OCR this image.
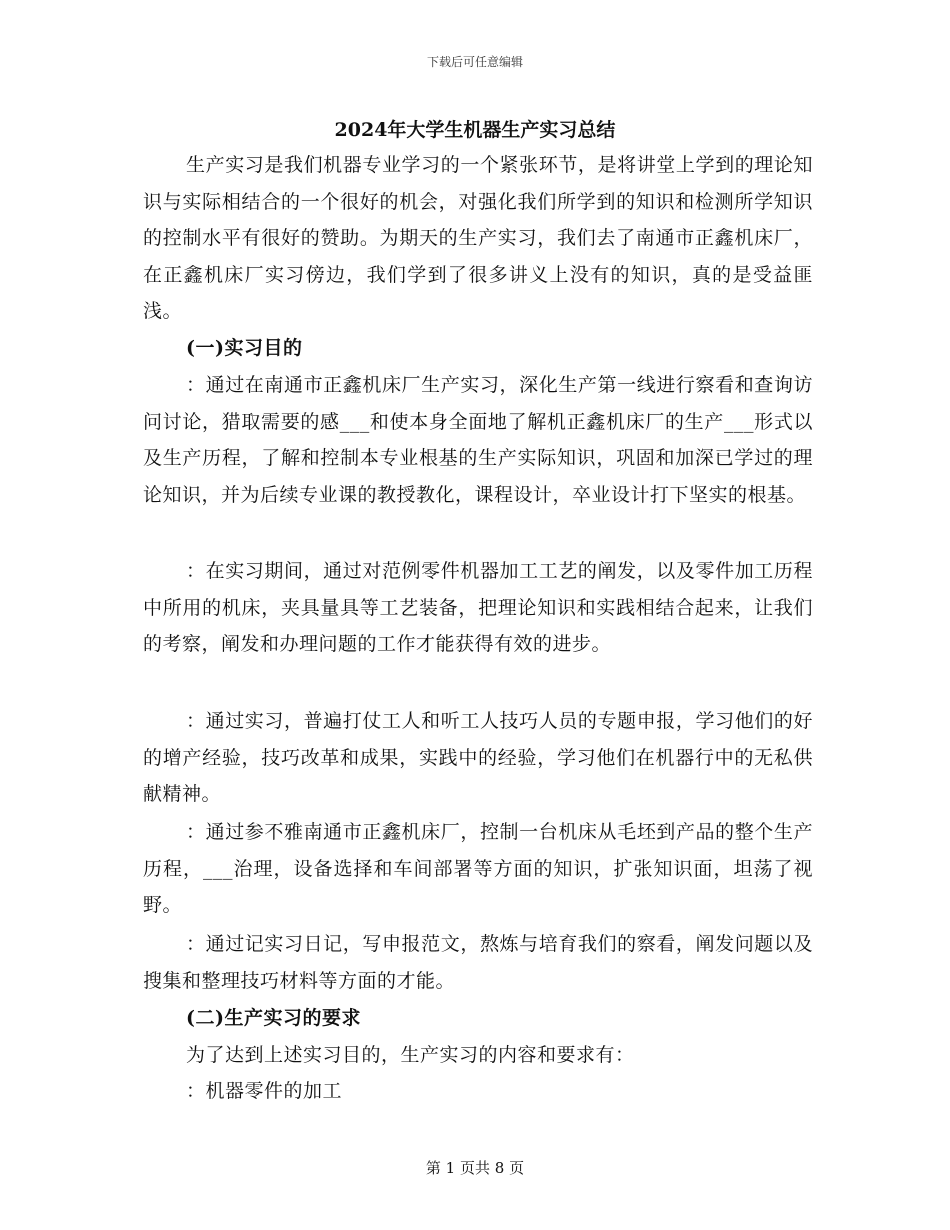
下载后可任意编辑
2024年大学生机器生产实习总结

生产实习是我们机器专业学习的一个紧张环节，是将讲堂上学到的理论知识与实际相结合的一个很好的机会，对强化我们所学到的知识和检测所学知识的控制水平有很好的赞助。为期天的生产实习，我们去了南通市正鑫机床厂，在正鑫机床厂实习傍边，我们学到了很多讲义上没有的知识，真的是受益匪浅。

(一)实习目的

：通过在南通市正鑫机床厂生产实习，深化生产第一线进行察看和查询访问讨论，猎取需要的感___和使本身全面地了解机正鑫机床厂的生产___形式以及生产历程，了解和控制本专业根基的生产实际知识，巩固和加深已学过的理论知识，并为后续专业课的教授教化，课程设计，卒业设计打下坚实的根基。

：在实习期间，通过对范例零件机器加工工艺的阐发，以及零件加工历程中所用的机床，夹具量具等工艺装备，把理论知识和实践相结合起来，让我们的考察，阐发和办理问题的工作才能获得有效的进步。

：通过实习，普遍打仗工人和听工人技巧人员的专题申报，学习他们的好的增产经验，技巧改革和成果，实践中的经验，学习他们在机器行中的无私供献精神。

：通过参不雅南通市正鑫机床厂，控制一台机床从毛坯到产品的整个生产历程，___治理，设备选择和车间部署等方面的知识，扩张知识面，坦荡了视野。

：通过记实习日记，写申报范文，熬炼与培育我们的察看，阐发问题以及搜集和整理技巧材料等方面的才能。

(二)生产实习的要求

为了达到上述实习目的，生产实习的内容和要求有：

：机器零件的加工

第 1 页共 8 页
